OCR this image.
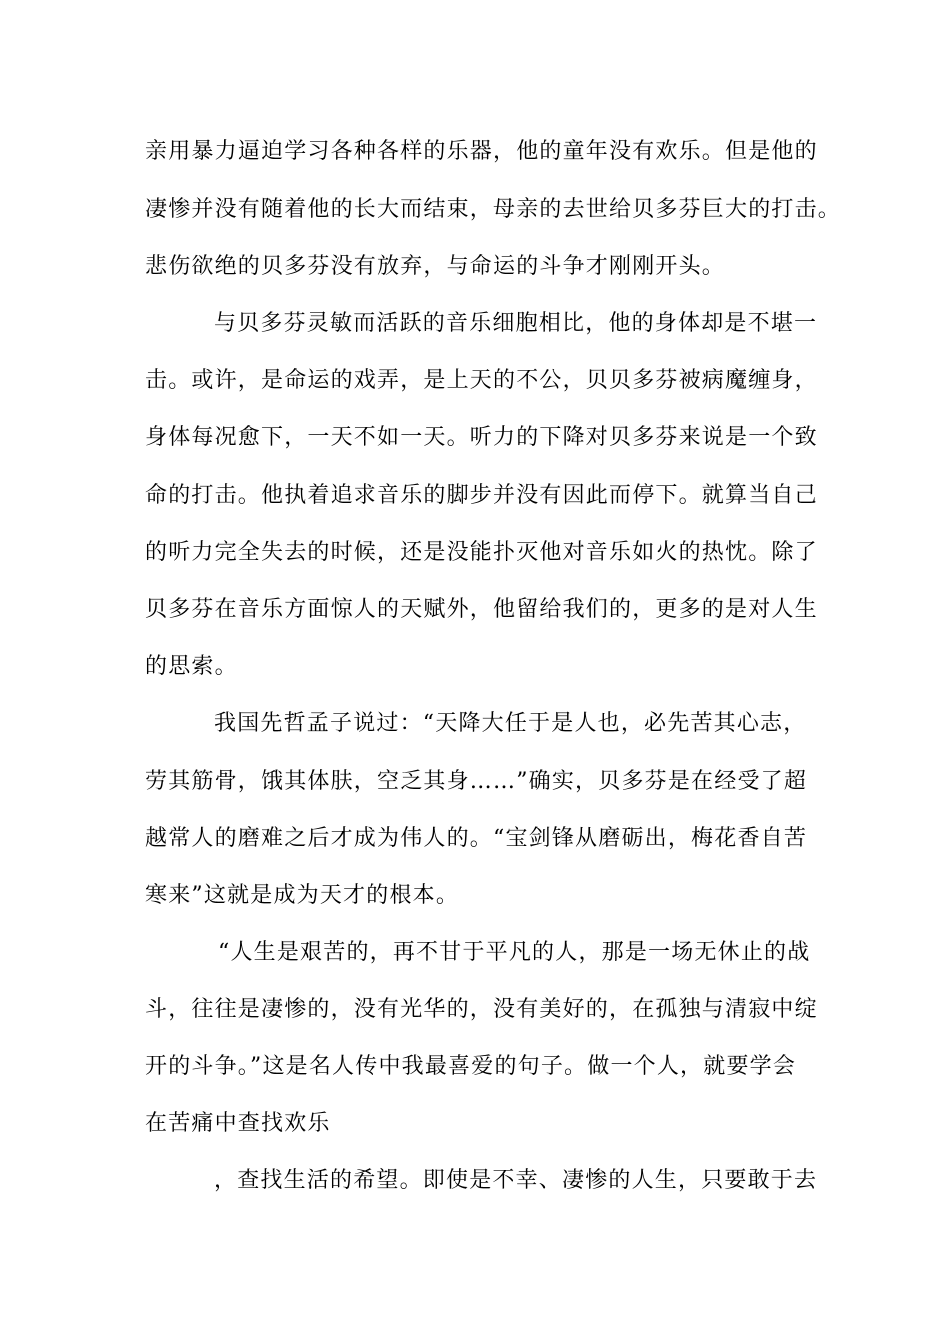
亲用暴力逼迫学习各种各样的乐器，他的童年没有欢乐。但是他的
凄惨并没有随着他的长大而结束，母亲的去世给贝多芬巨大的打击。
悲伤欲绝的贝多芬没有放弃，与命运的斗争才刚刚开头。
与贝多芬灵敏而活跃的音乐细胞相比，他的身体却是不堪一
击。或许，是命运的戏弄，是上天的不公，贝贝多芬被病魔缠身，
身体每况愈下，一天不如一天。听力的下降对贝多芬来说是一个致
命的打击。他执着追求音乐的脚步并没有因此而停下。就算当自己
的听力完全失去的时候，还是没能扑灭他对音乐如火的热忱。除了
贝多芬在音乐方面惊人的天赋外，他留给我们的，更多的是对人生
的思索。
我国先哲孟子说过：“天降大任于是人也，必先苦其心志，
劳其筋骨，饿其体肤，空乏其身……”确实，贝多芬是在经受了超
越常人的磨难之后才成为伟人的。“宝剑锋从磨砺出，梅花香自苦
寒来”这就是成为天才的根本。
“人生是艰苦的，再不甘于平凡的人，那是一场无休止的战
斗，往往是凄惨的，没有光华的，没有美好的，在孤独与清寂中绽
开的斗争。”这是名人传中我最喜爱的句子。做一个人，就要学会
在苦痛中查找欢乐
，查找生活的希望。即使是不幸、凄惨的人生，只要敢于去
